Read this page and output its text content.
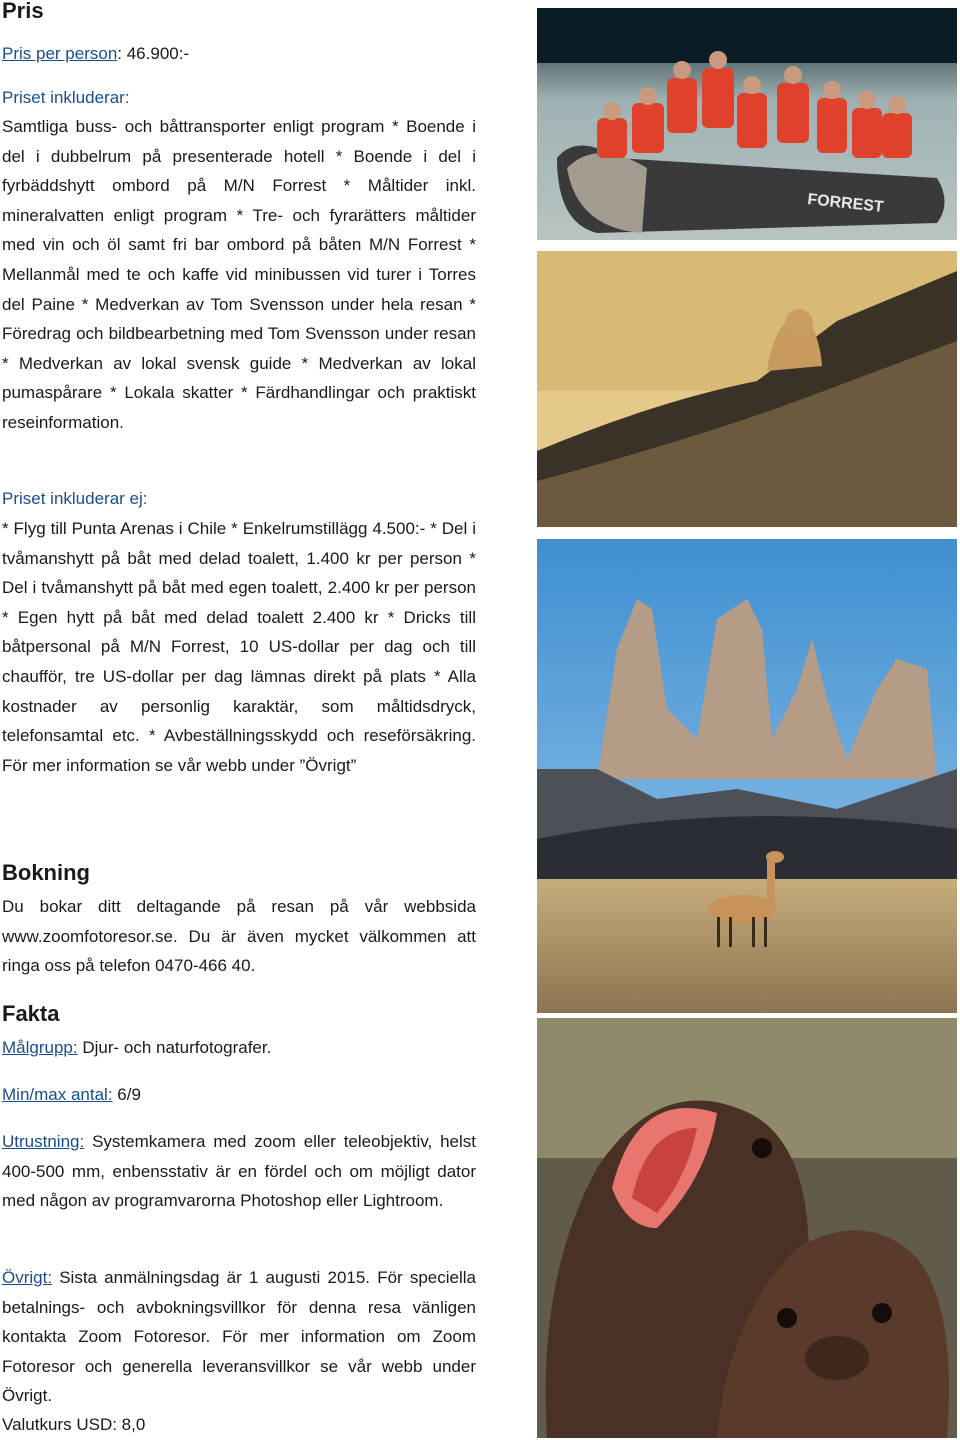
Pris

Pris per person: 46.900:-

Priset inkluderar:

Samtliga buss- och båttransporter enligt program * Boende i del i dubbelrum på presenterade hotell * Boende i del i fyrbäddshytt ombord på M/N Forrest * Måltider inkl. mineralvatten enligt program * Tre- och fyrarätters måltider med vin och öl samt fri bar ombord på båten M/N Forrest * Mellanmål med te och kaffe vid minibussen vid turer i Torres del Paine * Medverkan av Tom Svensson under hela resan * Föredrag och bildbearbetning med Tom Svensson under resan * Medverkan av lokal svensk guide * Medverkan av lokal pumaspårare * Lokala skatter * Färdhandlingar och praktiskt reseinformation.

Priset inkluderar ej:

* Flyg till Punta Arenas i Chile * Enkelrumstillägg 4.500:- * Del i tvåmanshytt på båt med delad toalett, 1.400 kr per person * Del i tvåmanshytt på båt med egen toalett, 2.400 kr per person * Egen hytt på båt med delad toalett 2.400 kr * Dricks till båtpersonal på M/N Forrest, 10 US-dollar per dag och till chaufför, tre US-dollar per dag lämnas direkt på plats * Alla kostnader av personlig karaktär, som måltidsdryck, telefonsamtal etc. * Avbeställningsskydd och reseförsäkring. För mer information se vår webb under ”Övrigt”

Bokning

Du bokar ditt deltagande på resan på vår webbsida www.zoomfotoresor.se. Du är även mycket välkommen att ringa oss på telefon 0470-466 40.

Fakta

Målgrupp: Djur- och naturfotografer.

Min/max antal: 6/9

Utrustning: Systemkamera med zoom eller teleobjektiv, helst 400-500 mm, enbensstativ är en fördel och om möjligt dator med någon av programvarorna Photoshop eller Lightroom.

Övrigt: Sista anmälningsdag är 1 augusti 2015. För speciella betalnings- och avbokningsvillkor för denna resa vänligen kontakta Zoom Fotoresor. För mer information om Zoom Fotoresor och generella leveransvillkor se vår webb under Övrigt.

Valutkurs USD: 8,0

FORREST
